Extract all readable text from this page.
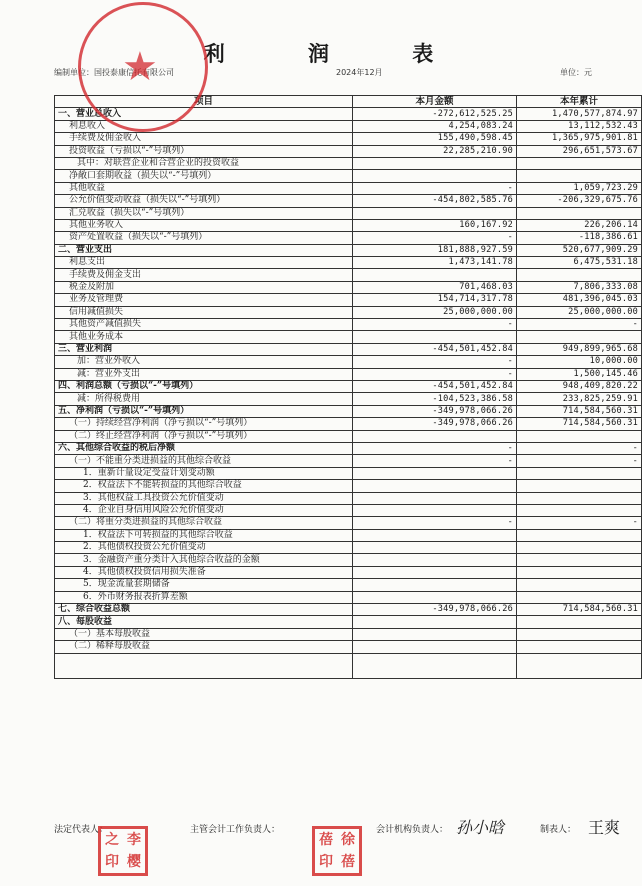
利 润 表
编制单位：国投泰康信托有限公司	2024年12月	单位：元
项目	本月金额	本年累计
一、营业总收入	-272,612,525.25	1,470,577,874.97
利息收入	4,254,083.24	13,112,532.43
手续费及佣金收入	155,490,598.45	1,365,975,901.81
投资收益（亏损以“-”号填列）	22,285,210.90	296,651,573.67
其中：对联营企业和合营企业的投资收益		
净敞口套期收益（损失以“-”号填列）		
其他收益	-	1,059,723.29
公允价值变动收益（损失以“-”号填列）	-454,802,585.76	-206,329,675.76
汇兑收益（损失以“-”号填列）		
其他业务收入	160,167.92	226,206.14
资产处置收益（损失以“-”号填列）	-	-118,386.61
二、营业支出	181,888,927.59	520,677,909.29
利息支出	1,473,141.78	6,475,531.18
手续费及佣金支出		
税金及附加	701,468.03	7,806,333.08
业务及管理费	154,714,317.78	481,396,045.03
信用减值损失	25,000,000.00	25,000,000.00
其他资产减值损失	-	-
其他业务成本		
三、营业利润	-454,501,452.84	949,899,965.68
加：营业外收入	-	10,000.00
减：营业外支出	-	1,500,145.46
四、利润总额（亏损以“-”号填列）	-454,501,452.84	948,409,820.22
减：所得税费用	-104,523,386.58	233,825,259.91
五、净利润（亏损以“-”号填列）	-349,978,066.26	714,584,560.31
（一）持续经营净利润（净亏损以“-”号填列）	-349,978,066.26	714,584,560.31
（二）终止经营净利润（净亏损以“-”号填列）		
六、其他综合收益的税后净额	-	-
（一）不能重分类进损益的其他综合收益	-	-
1．重新计量设定受益计划变动额		
2．权益法下不能转损益的其他综合收益		
3．其他权益工具投资公允价值变动		
4．企业自身信用风险公允价值变动		
（二）将重分类进损益的其他综合收益	-	-
1．权益法下可转损益的其他综合收益		
2．其他债权投资公允价值变动		
3．金融资产重分类计入其他综合收益的金额		
4．其他债权投资信用损失准备		
5．现金流量套期储备		
6．外币财务报表折算差额		
七、综合收益总额	-349,978,066.26	714,584,560.31
八、每股收益		
（一）基本每股收益		
（二）稀释每股收益		

★
法定代表人：	主管会计工作负责人：	会计机构负责人：	制表人：
孙小晗	王爽
之 李
印 樱
蓓 徐
印 蓓
